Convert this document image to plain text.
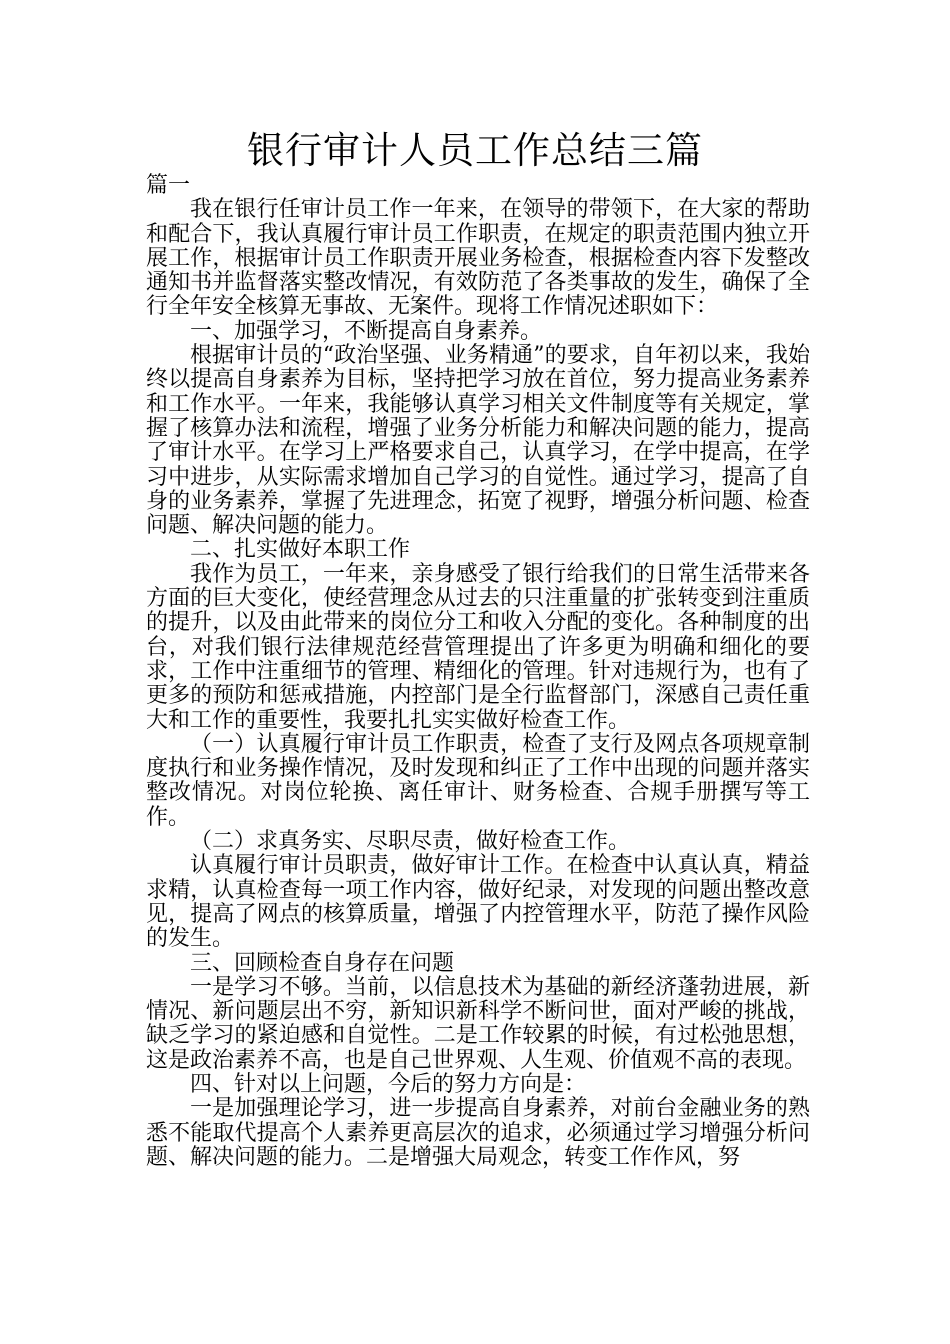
银行审计人员工作总结三篇

篇一

我在银行任审计员工作一年来，在领导的带领下，在大家的帮助和配合下，我认真履行审计员工作职责，在规定的职责范围内独立开展工作，根据审计员工作职责开展业务检查，根据检查内容下发整改通知书并监督落实整改情况，有效防范了各类事故的发生，确保了全行全年安全核算无事故、无案件。现将工作情况述职如下：

一、加强学习，不断提高自身素养。

根据审计员的“政治坚强、业务精通”的要求，自年初以来，我始终以提高自身素养为目标，坚持把学习放在首位，努力提高业务素养和工作水平。一年来，我能够认真学习相关文件制度等有关规定，掌握了核算办法和流程，增强了业务分析能力和解决问题的能力，提高了审计水平。在学习上严格要求自己，认真学习，在学中提高，在学习中进步，从实际需求增加自己学习的自觉性。通过学习，提高了自身的业务素养，掌握了先进理念，拓宽了视野，增强分析问题、检查问题、解决问题的能力。

二、扎实做好本职工作

我作为员工，一年来，亲身感受了银行给我们的日常生活带来各方面的巨大变化，使经营理念从过去的只注重量的扩张转变到注重质的提升，以及由此带来的岗位分工和收入分配的变化。各种制度的出台，对我们银行法律规范经营管理提出了许多更为明确和细化的要求，工作中注重细节的管理、精细化的管理。针对违规行为，也有了更多的预防和惩戒措施，内控部门是全行监督部门，深感自己责任重大和工作的重要性，我要扎扎实实做好检查工作。

（一）认真履行审计员工作职责，检查了支行及网点各项规章制度执行和业务操作情况，及时发现和纠正了工作中出现的问题并落实整改情况。对岗位轮换、离任审计、财务检查、合规手册撰写等工作。

（二）求真务实、尽职尽责，做好检查工作。

认真履行审计员职责，做好审计工作。在检查中认真认真，精益求精，认真检查每一项工作内容，做好纪录，对发现的问题出整改意见，提高了网点的核算质量，增强了内控管理水平，防范了操作风险的发生。

三、回顾检查自身存在问题

一是学习不够。当前，以信息技术为基础的新经济蓬勃进展，新情况、新问题层出不穷，新知识新科学不断问世，面对严峻的挑战，缺乏学习的紧迫感和自觉性。二是工作较累的时候，有过松弛思想，这是政治素养不高，也是自己世界观、人生观、价值观不高的表现。

四、针对以上问题，今后的努力方向是：

一是加强理论学习，进一步提高自身素养，对前台金融业务的熟悉不能取代提高个人素养更高层次的追求，必须通过学习增强分析问题、解决问题的能力。二是增强大局观念，转变工作作风，努
